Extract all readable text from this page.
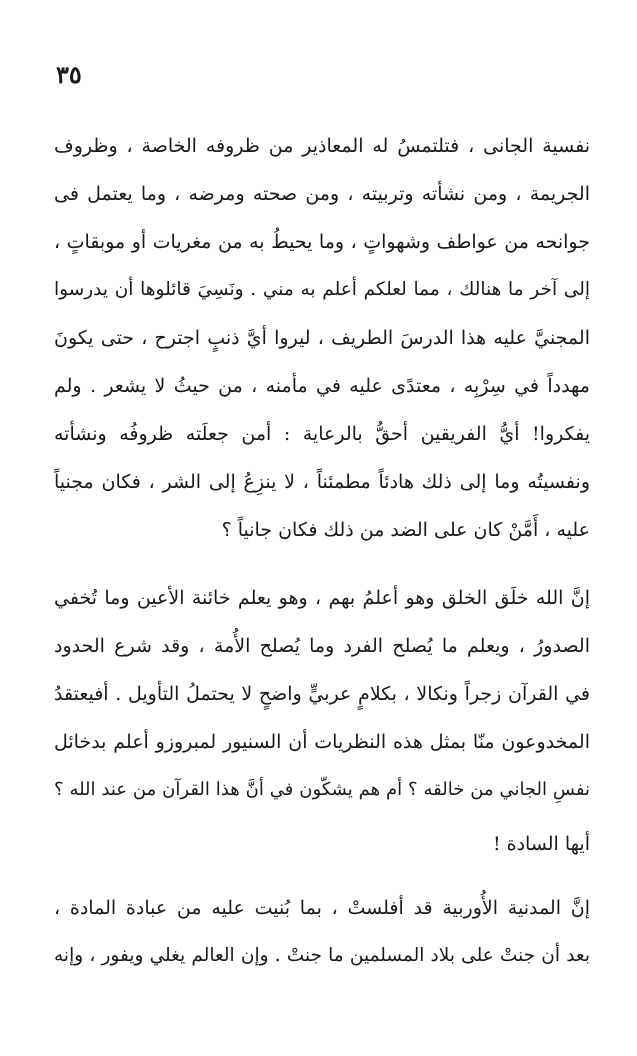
٣٥
نفسية الجانى ، فتلتمسُ له المعاذير من ظروفه الخاصة ، وظروف
الجريمة ، ومن نشأته وتربيته ، ومن صحته ومرضه ، وما يعتمل فى
جوانحه من عواطف وشهواتٍ ، وما يحيطُ به من مغريات أو موبقاتٍ ،
إلى آخر ما هنالك ، مما لعلكم أعلم به مني . ونَسِيَ قائلوها أن يدرسوا
المجنيَّ عليه هذا الدرسَ الطريف ، ليروا أيَّ ذنبٍ اجترح ، حتى يكونَ
مهدداً في سِرْبِه ، معتدًى عليه في مأمنه ، من حيثُ لا يشعر . ولم
يفكروا! أيُّ الفريقين أحقُّ بالرعاية : أمن جعلَته ظروفُه ونشأته
ونفسيتُه وما إلى ذلك هادئاً مطمئناً ، لا ينزِعُ إلى الشر ، فكان مجنياً
عليه ، أَمَّنْ كان على الضد من ذلك فكان جانياً ؟
إنَّ الله خلَق الخلق وهو أعلمُ بهم ، وهو يعلم خائنة الأعين وما تُخفي
الصدورُ ، ويعلم ما يُصلح الفرد وما يُصلح الأُمة ، وقد شرع الحدود
في القرآن زجراً ونكالا ، بكلامٍ عربيٍّ واضحٍ لا يحتملُ التأويل . أفيعتقدُ
المخدوعون منّا بمثل هذه النظريات أن السنيور لمبروزو أعلم بدخائل
نفسِ الجاني من خالقه ؟ أم هم يشكّون في أنَّ هذا القرآن من عند الله ؟
أيها السادة !
إنَّ المدنية الأُوربية قد أفلستْ ، بما بُنيت عليه من عبادة المادة ،
بعد أن جنتْ على بلاد المسلمين ما جنتْ . وإن العالم يغلي ويفور ، وإنه
